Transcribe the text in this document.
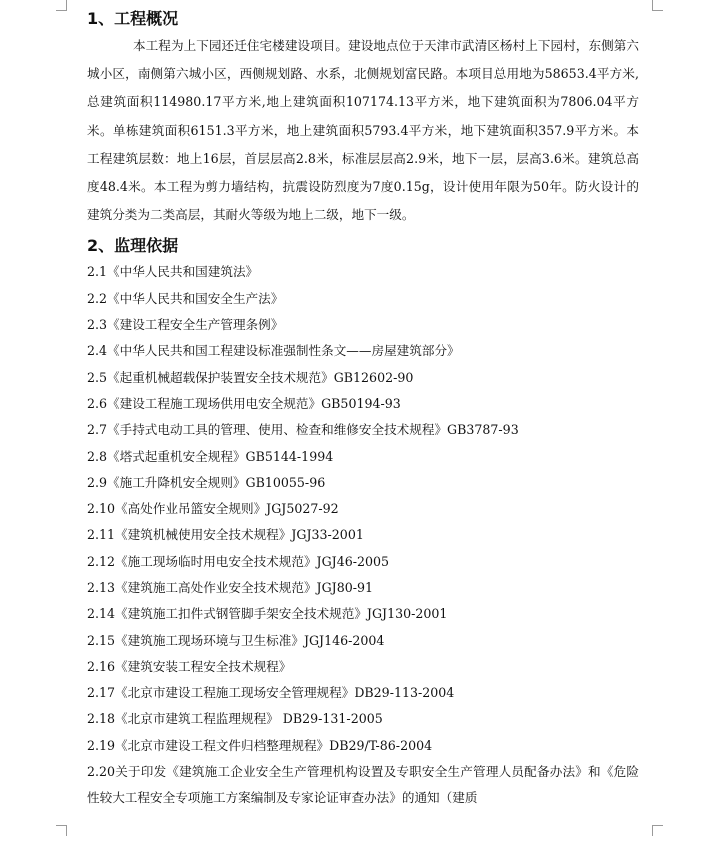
1、工程概况

本工程为上下园还迁住宅楼建设项目。建设地点位于天津市武清区杨村上下园村，东侧第六城小区，南侧第六城小区，西侧规划路、水系，北侧规划富民路。本项目总用地为58653.4平方米,总建筑面积114980.17平方米,地上建筑面积107174.13平方米，地下建筑面积为7806.04平方米。单栋建筑面积6151.3平方米，地上建筑面积5793.4平方米，地下建筑面积357.9平方米。本工程建筑层数：地上16层，首层层高2.8米，标准层层高2.9米，地下一层，层高3.6米。建筑总高度48.4米。本工程为剪力墙结构，抗震设防烈度为7度0.15g，设计使用年限为50年。防火设计的建筑分类为二类高层，其耐火等级为地上二级，地下一级。

2、监理依据
2.1《中华人民共和国建筑法》
2.2《中华人民共和国安全生产法》
2.3《建设工程安全生产管理条例》
2.4《中华人民共和国工程建设标准强制性条文——房屋建筑部分》
2.5《起重机械超载保护装置安全技术规范》GB12602-90
2.6《建设工程施工现场供用电安全规范》GB50194-93
2.7《手持式电动工具的管理、使用、检查和维修安全技术规程》GB3787-93
2.8《塔式起重机安全规程》GB5144-1994
2.9《施工升降机安全规则》GB10055-96
2.10《高处作业吊篮安全规则》JGJ5027-92
2.11《建筑机械使用安全技术规程》JGJ33-2001
2.12《施工现场临时用电安全技术规范》JGJ46-2005
2.13《建筑施工高处作业安全技术规范》JGJ80-91
2.14《建筑施工扣件式钢管脚手架安全技术规范》JGJ130-2001
2.15《建筑施工现场环境与卫生标准》JGJ146-2004
2.16《建筑安装工程安全技术规程》
2.17《北京市建设工程施工现场安全管理规程》DB29-113-2004
2.18《北京市建筑工程监理规程》 DB29-131-2005
2.19《北京市建设工程文件归档整理规程》DB29/T-86-2004
2.20关于印发《建筑施工企业安全生产管理机构设置及专职安全生产管理人员配备办法》和《危险性较大工程安全专项施工方案编制及专家论证审查办法》的通知（建质
